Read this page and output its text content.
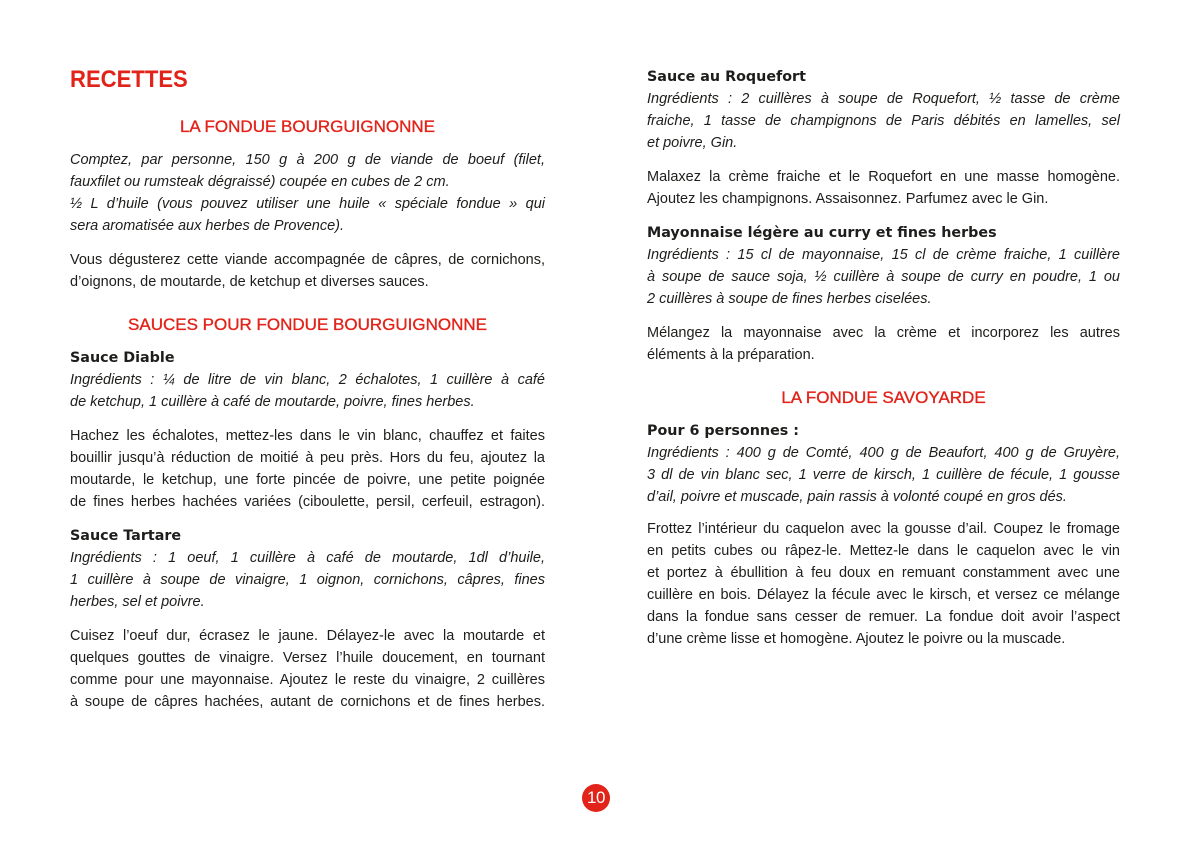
RECETTES
LA FONDUE BOURGUIGNONNE
Comptez, par personne, 150 g à 200 g de viande de boeuf (filet,
fauxfilet ou rumsteak dégraissé) coupée en cubes de 2 cm.
½ L d’huile (vous pouvez utiliser une huile « spéciale fondue » qui
sera aromatisée aux herbes de Provence).
Vous dégusterez cette viande accompagnée de câpres, de cornichons,
d’oignons, de moutarde, de ketchup et diverses sauces.
SAUCES POUR FONDUE BOURGUIGNONNE
Sauce Diable
Ingrédients : ¼ de litre de vin blanc, 2 échalotes, 1 cuillère à café
de ketchup, 1 cuillère à café de moutarde, poivre, fines herbes.
Hachez les échalotes, mettez-les dans le vin blanc, chauffez et faites
bouillir jusqu’à réduction de moitié à peu près. Hors du feu, ajoutez la
moutarde, le ketchup, une forte pincée de poivre, une petite poignée
de fines herbes hachées variées (ciboulette, persil, cerfeuil, estragon).
Sauce Tartare
Ingrédients : 1 oeuf, 1 cuillère à café de moutarde, 1dl d’huile,
1 cuillère à soupe de vinaigre, 1 oignon, cornichons, câpres, fines
herbes, sel et poivre.
Cuisez l’oeuf dur, écrasez le jaune. Délayez-le avec la moutarde et
quelques gouttes de vinaigre. Versez l’huile doucement, en tournant
comme pour une mayonnaise. Ajoutez le reste du vinaigre, 2 cuillères
à soupe de câpres hachées, autant de cornichons et de fines herbes.
Sauce au Roquefort
Ingrédients : 2 cuillères à soupe de Roquefort, ½ tasse de crème
fraiche, 1 tasse de champignons de Paris débités en lamelles, sel
et poivre, Gin.
Malaxez la crème fraiche et le Roquefort en une masse homogène.
Ajoutez les champignons. Assaisonnez. Parfumez avec le Gin.
Mayonnaise légère au curry et fines herbes
Ingrédients : 15 cl de mayonnaise, 15 cl de crème fraiche, 1 cuillère
à soupe de sauce soja, ½ cuillère à soupe de curry en poudre, 1 ou
2 cuillères à soupe de fines herbes ciselées.
Mélangez la mayonnaise avec la crème et incorporez les autres
éléments à la préparation.
LA FONDUE SAVOYARDE
Pour 6 personnes :
Ingrédients : 400 g de Comté, 400 g de Beaufort, 400 g de Gruyère,
3 dl de vin blanc sec, 1 verre de kirsch, 1 cuillère de fécule, 1 gousse
d’ail, poivre et muscade, pain rassis à volonté coupé en gros dés.
Frottez l’intérieur du caquelon avec la gousse d’ail. Coupez le fromage
en petits cubes ou râpez-le. Mettez-le dans le caquelon avec le vin
et portez à ébullition à feu doux en remuant constamment avec une
cuillère en bois. Délayez la fécule avec le kirsch, et versez ce mélange
dans la fondue sans cesser de remuer. La fondue doit avoir l’aspect
d’une crème lisse et homogène. Ajoutez le poivre ou la muscade.
10
